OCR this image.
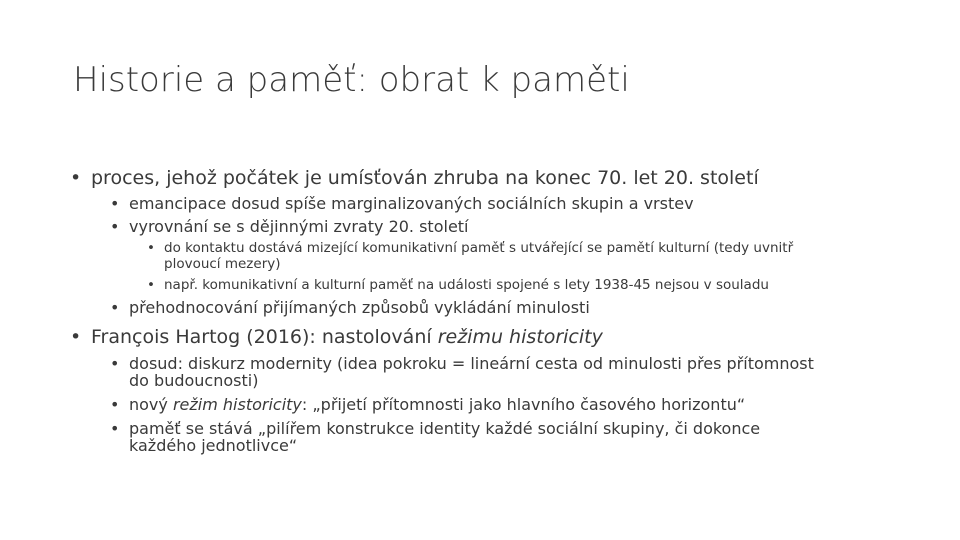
Historie a paměť: obrat k paměti
• proces, jehož počátek je umísťován zhruba na konec 70. let 20. století
• emancipace dosud spíše marginalizovaných sociálních skupin a vrstev
• vyrovnání se s dějinnými zvraty 20. století
• do kontaktu dostává mizející komunikativní paměť s utvářející se pamětí kulturní (tedy uvnitř
plovoucí mezery)
• např. komunikativní a kulturní paměť na události spojené s lety 1938-45 nejsou v souladu
• přehodnocování přijímaných způsobů vykládání minulosti
• François Hartog (2016): nastolování režimu historicity
• dosud: diskurz modernity (idea pokroku = lineární cesta od minulosti přes přítomnost
do budoucnosti)
• nový režim historicity: „přijetí přítomnosti jako hlavního časového horizontu“
• paměť se stává „pilířem konstrukce identity každé sociální skupiny, či dokonce
každého jednotlivce“
